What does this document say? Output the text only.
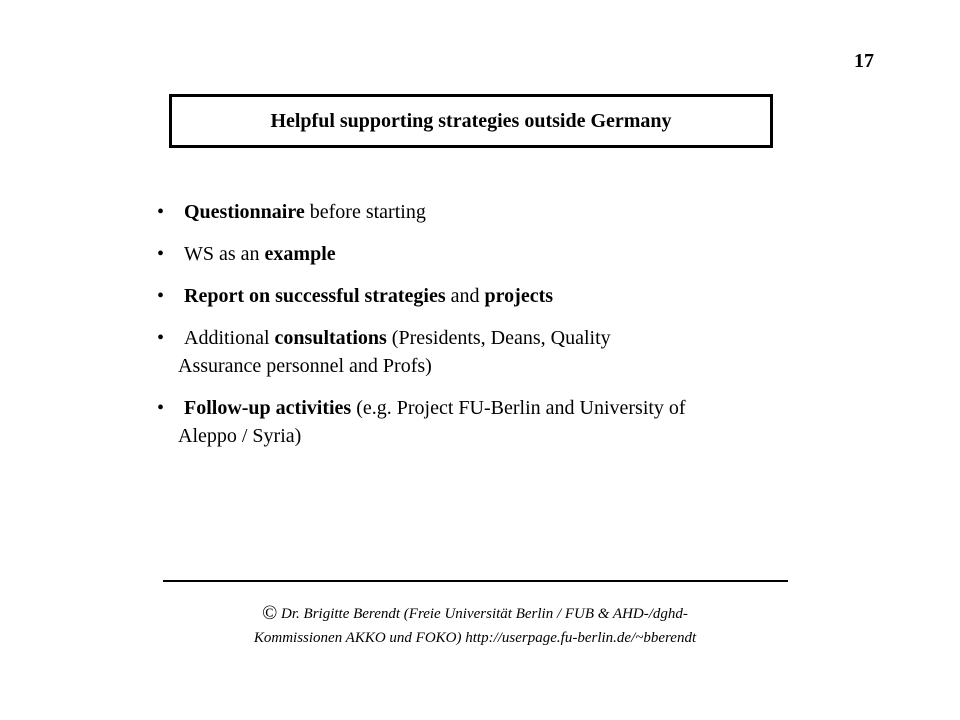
17
Helpful supporting strategies outside Germany
• Questionnaire before starting
• WS as an example
• Report on successful strategies and projects
• Additional consultations (Presidents, Deans, Quality
Assurance personnel and Profs)
• Follow-up activities (e.g. Project FU-Berlin and University of
Aleppo / Syria)
© Dr. Brigitte Berendt (Freie Universität Berlin / FUB & AHD-/dghd-
Kommissionen AKKO und FOKO) http://userpage.fu-berlin.de/~bberendt
